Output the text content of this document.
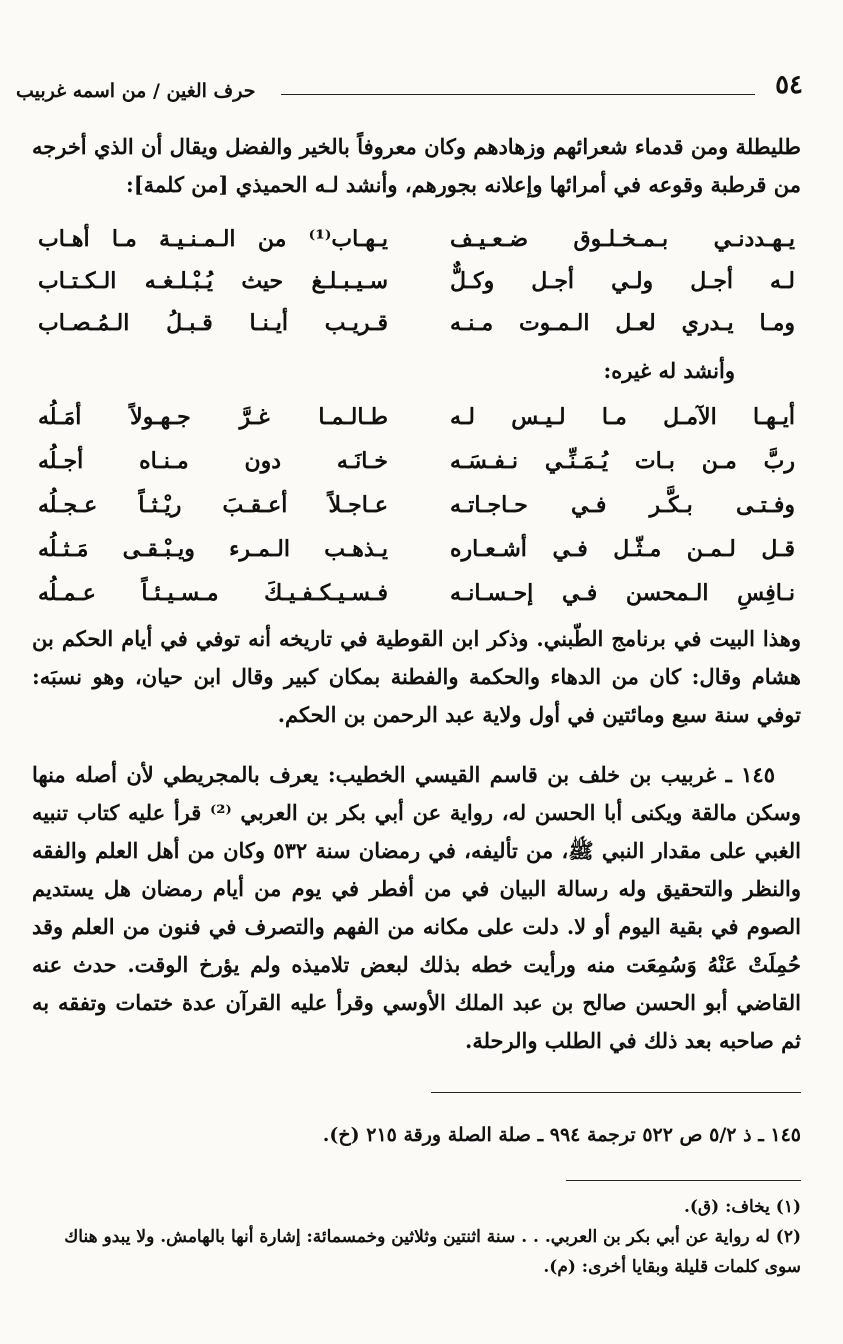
٥٤
حرف الغين / من اسمه غربيب
طليطلة ومن قدماء شعرائهم وزهادهم وكان معروفاً بالخير والفضل ويقال أن الذي أخرجه من قرطبة وقوعه في أمرائها وإعلانه بجورهم، وأنشد لـه الحميذي [من كلمة]:
يـهـددنـي بـمـخـلـوق ضـعـيـف
يـهـاب⁽¹⁾ من الـمـنـيـة مـا أهـاب
لـه أجـل ولـي أجـل وكـلٌّ
سـيـبـلـغ حيث يُـبْـلـغـه الـكـتـاب
ومـا يـدري لعـل الـمـوت مـنـه
قـريـب أيـنـا قـبـلُ الـمُـصـاب
وأنشد له غيره:
أيـهـا الآمـل مـا لـيـس لـه
طـالـمـا غـرَّ جـهـولاً أمَـلُه
ربَّ مـن بـات يُـمَـنِّـي نـفـسَـه
خـانَـه دون مـنـاه أجـلُه
وفـتـى بـكَّـر فـي حـاجـاتـه
عـاجـلاً أعـقـبَ ريْـثـاً عـجـلُه
قـل لـمـن مـثّـل فـي أشـعـاره
يـذهـب الـمـرء ويـبْـقـى مَـثـلُه
نـافِسِ الـمحسن فـي إحـسـانـه
فـسـيـكـفـيـكَ مـسـيـئـاً عـمـلُه
وهذا البيت في برنامج الطّبني. وذكر ابن القوطية في تاريخه أنه توفي في أيام الحكم بن هشام وقال: كان من الدهاء والحكمة والفطنة بمكان كبير وقال ابن حيان، وهو نسبَه: توفي سنة سبع ومائتين في أول ولاية عبد الرحمن بن الحكم.
١٤٥ ـ غربيب بن خلف بن قاسم القيسي الخطيب: يعرف بالمجريطي لأن أصله منها وسكن مالقة ويكنى أبا الحسن له، رواية عن أبي بكر بن العربي ⁽²⁾ قرأ عليه كتاب تنبيه الغبي على مقدار النبي ﷺ، من تأليفه، في رمضان سنة ٥٣٢ وكان من أهل العلم والفقه والنظر والتحقيق وله رسالة البيان في من أفطر في يوم من أيام رمضان هل يستديم الصوم في بقية اليوم أو لا. دلت على مكانه من الفهم والتصرف في فنون من العلم وقد حُمِلَتْ عَنْهُ وَسُمِعَت منه ورأيت خطه بذلك لبعض تلاميذه ولم يؤرخ الوقت. حدث عنه القاضي أبو الحسن صالح بن عبد الملك الأوسي وقرأ عليه القرآن عدة ختمات وتفقه به ثم صاحبه بعد ذلك في الطلب والرحلة.
١٤٥ ـ ذ ٥/٢ ص ٥٢٢ ترجمة ٩٩٤ ـ صلة الصلة ورقة ٢١٥ (خ).
(١) يخاف: (ق).
(٢) له رواية عن أبي بكر بن العربي. . . سنة اثنتين وثلاثين وخمسمائة: إشارة أنها بالهامش. ولا يبدو هناك سوى كلمات قليلة وبقايا أخرى: (م).
